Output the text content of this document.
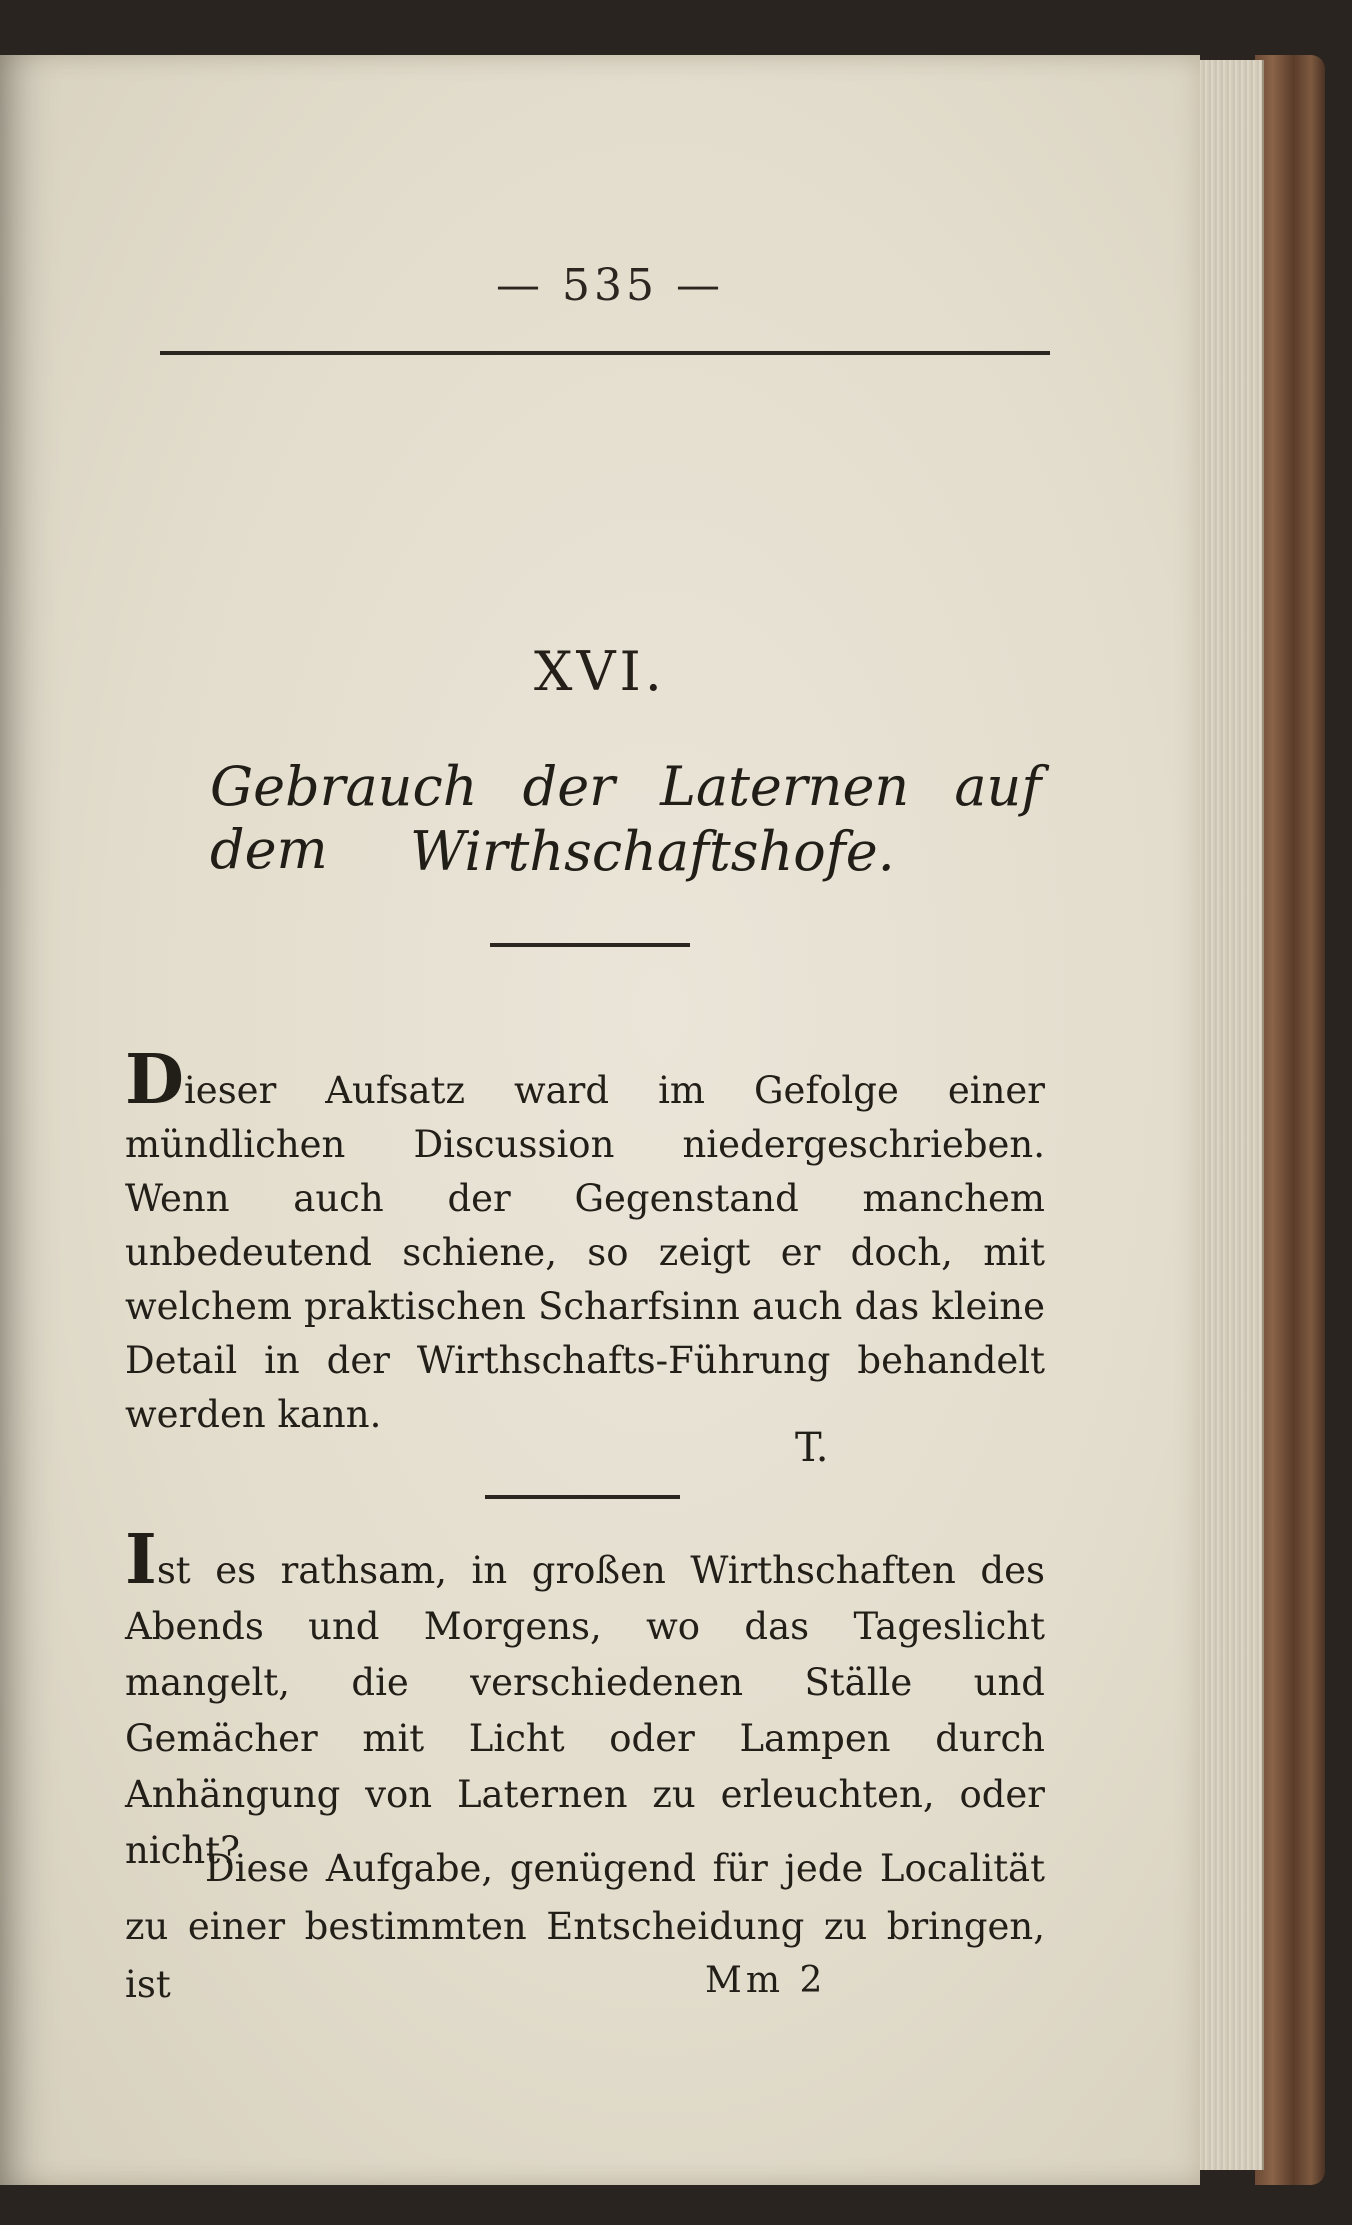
— 535 —
XVI.
Gebrauch der Laternen auf dem	Wirthschaftshofe.
Dieser Aufsatz ward im Gefolge einer mündlichen Discussion niedergeschrieben. Wenn auch der Gegenstand manchem unbedeutend schiene, so zeigt er doch, mit welchem praktischen Scharfsinn auch das kleine Detail in der Wirthschafts-Führung behandelt werden kann.
T.
Ist es rathsam, in großen Wirthschaften des Abends und Morgens, wo das Tageslicht mangelt, die verschiedenen Ställe und Gemächer mit Licht oder Lampen durch Anhängung von Laternen zu erleuchten, oder nicht?
Diese Aufgabe, genügend für jede Localität zu einer bestimmten Entscheidung zu bringen, ist	Mm 2
